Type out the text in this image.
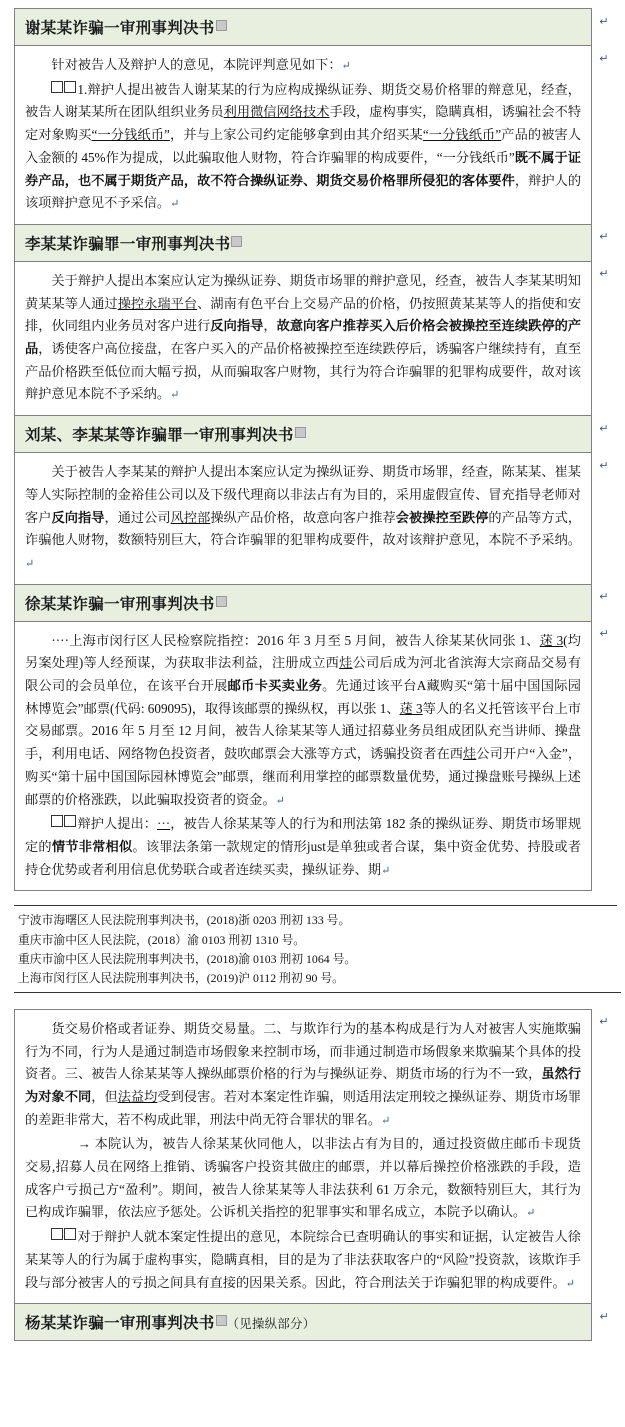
谢某某诈骗一审刑事判决书	↵

针对被告人及辩护人的意见，本院评判意见如下：↵

1.辩护人提出被告人谢某某的行为应构成操纵证券、期货交易价格罪的辩意见，经查，被告人谢某某所在团队组织业务员利用微信网络技术手段，虚构事实，隐瞒真相，诱骗社会不特定对象购买“一分钱纸币”，并与上家公司约定能够拿到由其介绍买某“一分钱纸币”产品的被害人入金额的 45%作为提成，以此骗取他人财物，符合诈骗罪的构成要件，“一分钱纸币”既不属于证券产品，也不属于期货产品，故不符合操纵证券、期货交易价格罪所侵犯的客体要件，辩护人的该项辩护意见不予采信。↵	↵
李某某诈骗罪一审刑事判决书	↵

关于辩护人提出本案应认定为操纵证券、期货市场罪的辩护意见，经查，被告人李某某明知黄某某等人通过操控永瑞平台、湖南有色平台上交易产品的价格，仍按照黄某某等人的指使和安排，伙同组内业务员对客户进行反向指导，故意向客户推荐买入后价格会被操控至连续跌停的产品，诱使客户高位接盘，在客户买入的产品价格被操控至连续跌停后，诱骗客户继续持有，直至产品价格跌至低位而大幅亏损，从而骗取客户财物，其行为符合诈骗罪的犯罪构成要件，故对该辩护意见本院不予采纳。↵	↵
刘某、李某某等诈骗罪一审刑事判决书	↵

关于被告人李某某的辩护人提出本案应认定为操纵证券、期货市场罪，经查，陈某某、崔某等人实际控制的金裕佳公司以及下级代理商以非法占有为目的，采用虚假宣传、冒充指导老师对客户反向指导，通过公司风控部操纵产品价格，故意向客户推荐会被操控至跌停的产品等方式，诈骗他人财物，数额特别巨大，符合诈骗罪的犯罪构成要件，故对该辩护意见，本院不予采纳。↵	↵
徐某某诈骗一审刑事判决书	↵

····上海市闵行区人民检察院指控：2016 年 3 月至 5 月间，被告人徐某某伙同张 1、蒁 3(均另案处理)等人经预谋，为获取非法利益，注册成立西烓公司后成为河北省滨海大宗商品交易有限公司的会员单位，在该平台开展邮币卡买卖业务。先通过该平台A藏购买“第十届中国国际园林博览会”邮票(代码: 609095)，取得该邮票的操纵权，再以张 1、蒁 3等人的名义托管该平台上市交易邮票。2016 年 5 月至 12 月间，被告人徐某某等人通过招募业务员组成团队充当讲师、操盘手，利用电话、网络物色投资者，鼓吹邮票会大涨等方式，诱骗投资者在西烓公司开户“入金”，购买“第十届中国国际园林博览会”邮票，继而利用掌控的邮票数量优势，通过操盘账号操纵上述邮票的价格涨跌，以此骗取投资者的资金。↵

辩护人提出：⋯，被告人徐某某等人的行为和刑法第 182 条的操纵证券、期货市场罪规定的情节非常相似。该罪法条第一款规定的情形just是单独或者合谋，集中资金优势、持股或者持仓优势或者利用信息优势联合或者连续买卖，操纵证券、期↵	↵
宁波市海曙区人民法院刑事判决书，(2018)浙 0203 刑初 133 号。
重庆市渝中区人民法院，(2018）渝 0103 刑初 1310 号。
重庆市渝中区人民法院刑事判决书，(2018)渝 0103 刑初 1064 号。
上海市闵行区人民法院刑事判决书，(2019)沪 0112 刑初 90 号。

货交易价格或者证券、期货交易量。二、与欺诈行为的基本构成是行为人对被害人实施欺骗行为不同，行为人是通过制造市场假象来控制市场，而非通过制造市场假象来欺骗某个具体的投资者。三、被告人徐某某等人操纵邮票价格的行为与操纵证券、期货市场的行为不一致，虽然行为对象不同，但法益均受到侵害。若对本案定性诈骗，则适用法定刑较之操纵证券、期货市场罪的差距非常大，若不构成此罪，刑法中尚无符合罪状的罪名。↵

→ 本院认为，被告人徐某某伙同他人，以非法占有为目的，通过投资做庄邮币卡现货交易,招募人员在网络上推销、诱骗客户投资其做庄的邮票，并以幕后操控价格涨跌的手段，造成客户亏损己方“盈利”。期间，被告人徐某某等人非法获利 61 万余元，数额特别巨大，其行为已构成诈骗罪，依法应予惩处。公诉机关指控的犯罪事实和罪名成立，本院予以确认。↵

对于辩护人就本案定性提出的意见，本院综合已查明确认的事实和证据，认定被告人徐某某等人的行为属于虚构事实，隐瞒真相，目的是为了非法获取客户的“风险”投资款，该欺诈手段与部分被害人的亏损之间具有直接的因果关系。因此，符合刑法关于诈骗犯罪的构成要件。↵	↵
杨某某诈骗一审刑事判决书 （见操纵部分）	↵
